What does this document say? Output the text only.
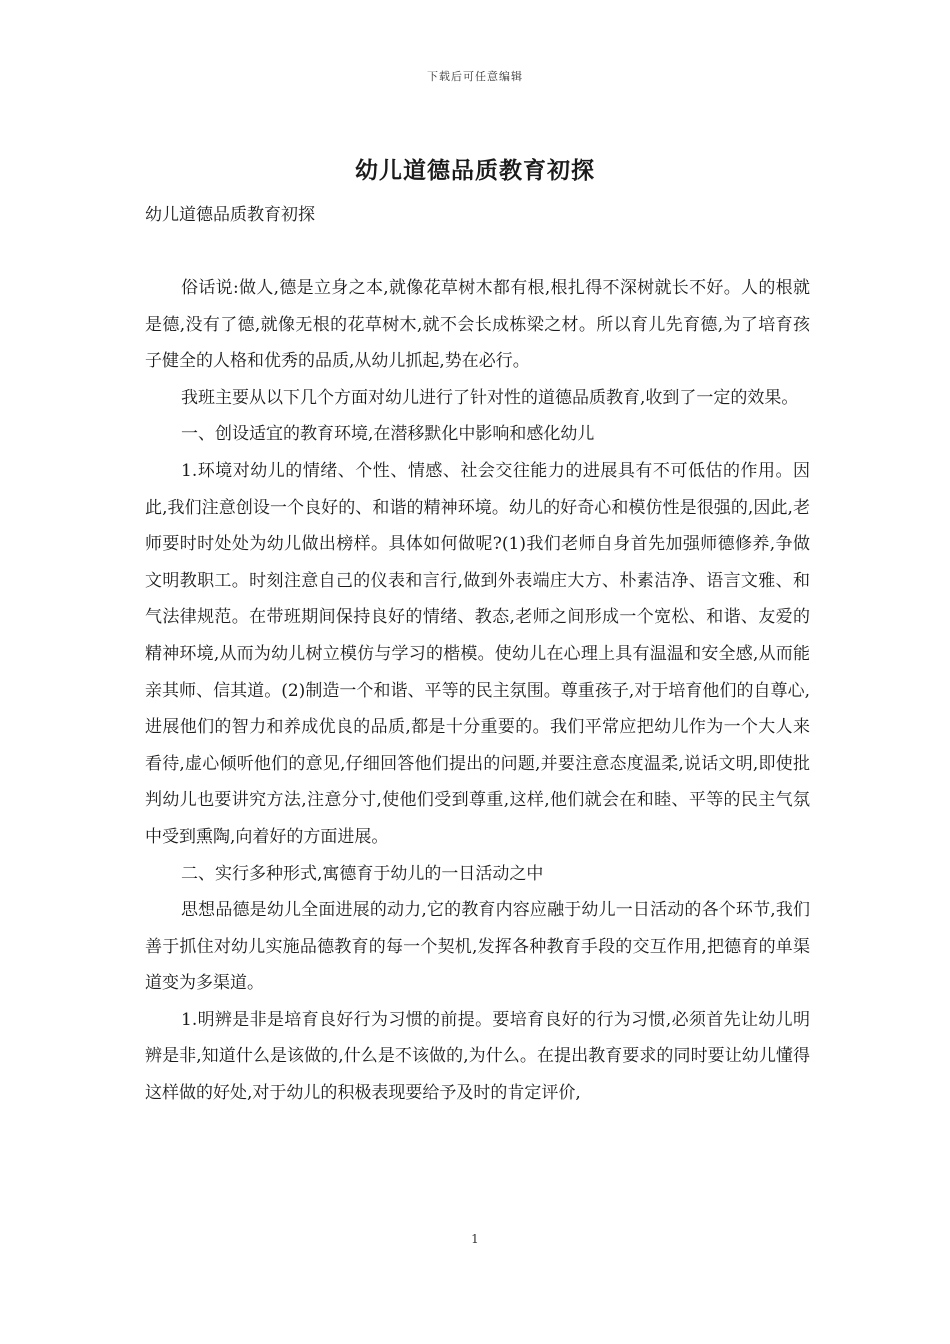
下载后可任意编辑
幼儿道德品质教育初探

幼儿道德品质教育初探

俗话说:做人,德是立身之本,就像花草树木都有根,根扎得不深树就长不好。人的根就是德,没有了德,就像无根的花草树木,就不会长成栋梁之材。所以育儿先育德,为了培育孩子健全的人格和优秀的品质,从幼儿抓起,势在必行。

我班主要从以下几个方面对幼儿进行了针对性的道德品质教育,收到了一定的效果。

一、创设适宜的教育环境,在潜移默化中影响和感化幼儿

1.环境对幼儿的情绪、个性、情感、社会交往能力的进展具有不可低估的作用。因此,我们注意创设一个良好的、和谐的精神环境。幼儿的好奇心和模仿性是很强的,因此,老师要时时处处为幼儿做出榜样。具体如何做呢?(1)我们老师自身首先加强师德修养,争做文明教职工。时刻注意自己的仪表和言行,做到外表端庄大方、朴素洁净、语言文雅、和气法律规范。在带班期间保持良好的情绪、教态,老师之间形成一个宽松、和谐、友爱的精神环境,从而为幼儿树立模仿与学习的楷模。使幼儿在心理上具有温温和安全感,从而能亲其师、信其道。(2)制造一个和谐、平等的民主氛围。尊重孩子,对于培育他们的自尊心,进展他们的智力和养成优良的品质,都是十分重要的。我们平常应把幼儿作为一个大人来看待,虚心倾听他们的意见,仔细回答他们提出的问题,并要注意态度温柔,说话文明,即使批判幼儿也要讲究方法,注意分寸,使他们受到尊重,这样,他们就会在和睦、平等的民主气氛中受到熏陶,向着好的方面进展。

二、实行多种形式,寓德育于幼儿的一日活动之中

思想品德是幼儿全面进展的动力,它的教育内容应融于幼儿一日活动的各个环节,我们善于抓住对幼儿实施品德教育的每一个契机,发挥各种教育手段的交互作用,把德育的单渠道变为多渠道。

1.明辨是非是培育良好行为习惯的前提。要培育良好的行为习惯,必须首先让幼儿明辨是非,知道什么是该做的,什么是不该做的,为什么。在提出教育要求的同时要让幼儿懂得这样做的好处,对于幼儿的积极表现要给予及时的肯定评价,

1
